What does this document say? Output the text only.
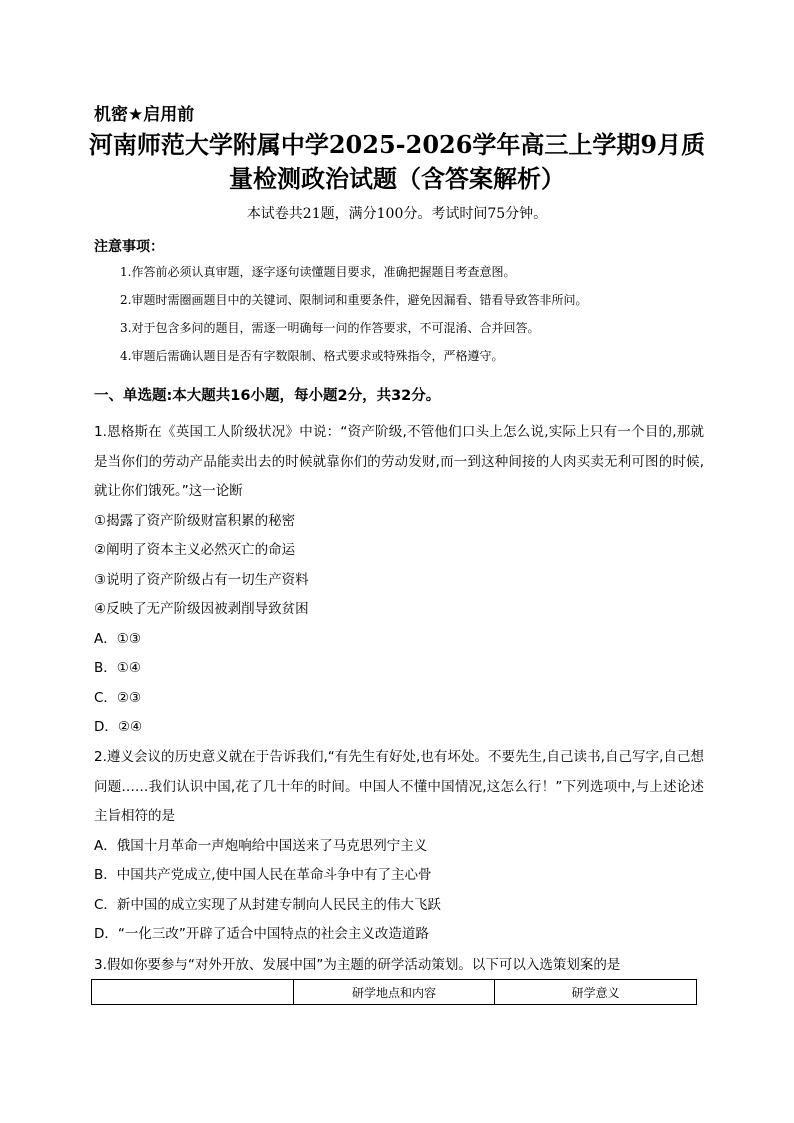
机密★启用前
河南师范大学附属中学2025-2026学年高三上学期9月质量检测政治试题（含答案解析）
本试卷共21题，满分100分。考试时间75分钟。
注意事项：
1.作答前必须认真审题，逐字逐句读懂题目要求，准确把握题目考查意图。
2.审题时需圈画题目中的关键词、限制词和重要条件，避免因漏看、错看导致答非所问。
3.对于包含多问的题目，需逐一明确每一问的作答要求，不可混淆、合并回答。
4.审题后需确认题目是否有字数限制、格式要求或特殊指令，严格遵守。
一、单选题:本大题共16小题，每小题2分，共32分。
1.恩格斯在《英国工人阶级状况》中说：“资产阶级,不管他们口头上怎么说,实际上只有一个目的,那就是当你们的劳动产品能卖出去的时候就靠你们的劳动发财,而一到这种间接的人肉买卖无利可图的时候,就让你们饿死。”这一论断
①揭露了资产阶级财富积累的秘密
②阐明了资本主义必然灭亡的命运
③说明了资产阶级占有一切生产资料
④反映了无产阶级因被剥削导致贫困
A．①③
B．①④
C．②③
D．②④
2.遵义会议的历史意义就在于告诉我们,“有先生有好处,也有坏处。不要先生,自己读书,自己写字,自己想问题……我们认识中国,花了几十年的时间。中国人不懂中国情况,这怎么行！”下列选项中,与上述论述主旨相符的是
A．俄国十月革命一声炮响给中国送来了马克思列宁主义
B．中国共产党成立,使中国人民在革命斗争中有了主心骨
C．新中国的成立实现了从封建专制向人民民主的伟大飞跃
D．“一化三改”开辟了适合中国特点的社会主义改造道路
3.假如你要参与“对外开放、发展中国”为主题的研学活动策划。以下可以入选策划案的是
	研学地点和内容	研学意义
